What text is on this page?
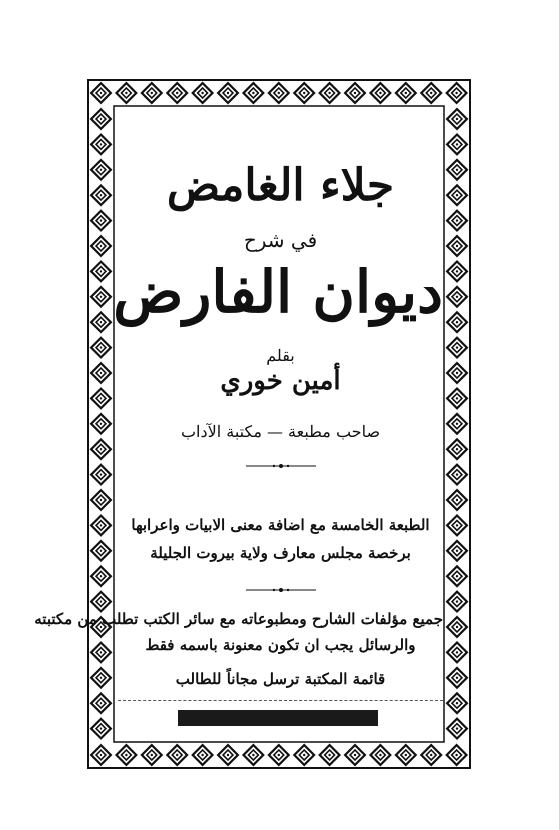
جلاء الغامض
في شرح
ديوان الفارض
بقلم
أمين خوري
صاحب مطبعة — مكتبة الآداب
الطبعة الخامسة مع اضافة معنى الابيات واعرابها
برخصة مجلس معارف ولاية بيروت الجليلة
جميع مؤلفات الشارح ومطبوعاته مع سائر الكتب تطلب من مكتبته
والرسائل يجب ان تكون معنونة باسمه فقط
قائمة المكتبة ترسل مجاناً للطالب
